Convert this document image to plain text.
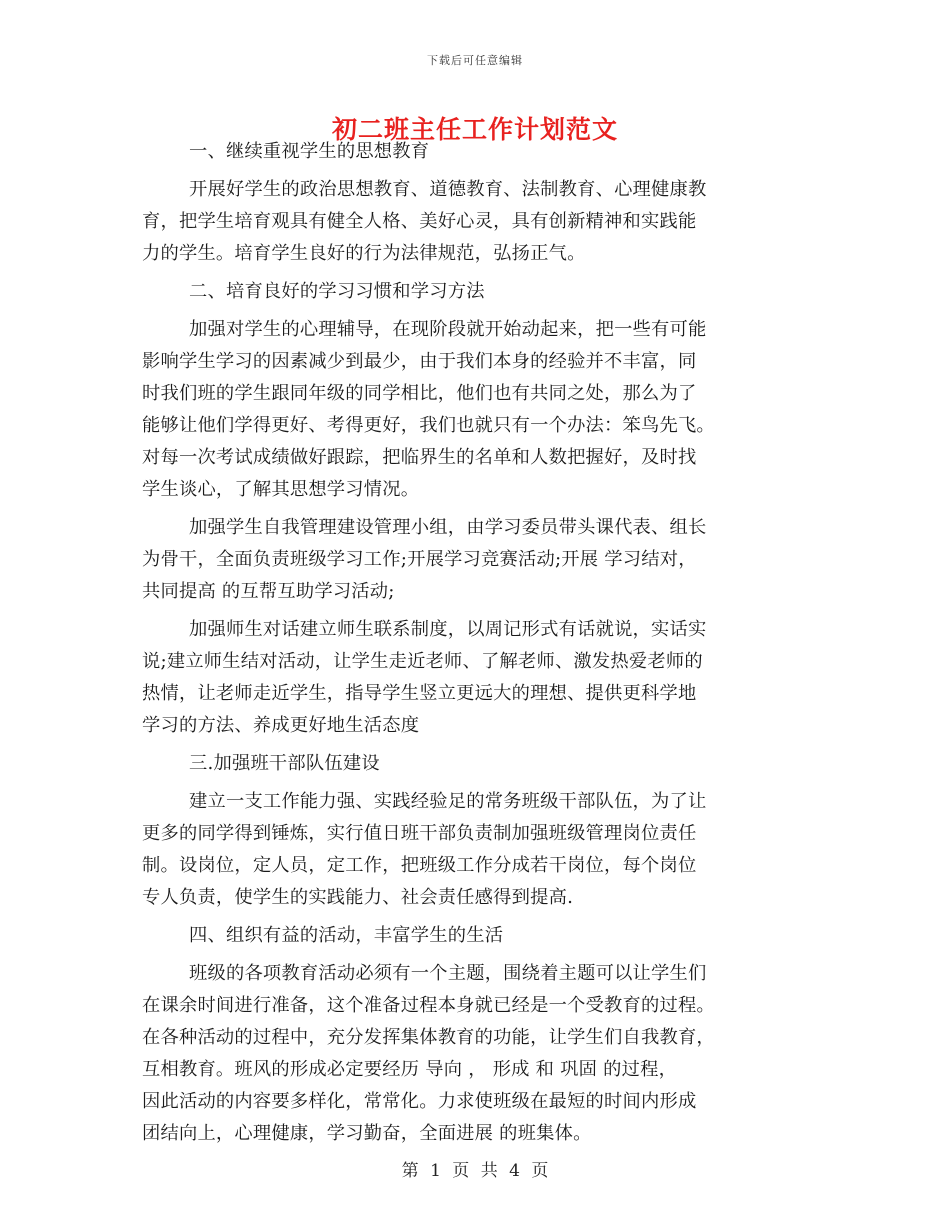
下载后可任意编辑
初二班主任工作计划范文
一、继续重视学生的思想教育
开展好学生的政治思想教育、道德教育、法制教育、心理健康教
育，把学生培育观具有健全人格、美好心灵，具有创新精神和实践能
力的学生。培育学生良好的行为法律规范，弘扬正气。
二、培育良好的学习习惯和学习方法
加强对学生的心理辅导，在现阶段就开始动起来，把一些有可能
影响学生学习的因素减少到最少，由于我们本身的经验并不丰富，同
时我们班的学生跟同年级的同学相比，他们也有共同之处，那么为了
能够让他们学得更好、考得更好，我们也就只有一个办法：笨鸟先飞。
对每一次考试成绩做好跟踪，把临界生的名单和人数把握好，及时找
学生谈心，了解其思想学习情况。
加强学生自我管理建设管理小组，由学习委员带头课代表、组长
为骨干，全面负责班级学习工作;开展学习竞赛活动;开展 学习结对，
共同提高 的互帮互助学习活动;
加强师生对话建立师生联系制度，以周记形式有话就说，实话实
说;建立师生结对活动，让学生走近老师、了解老师、激发热爱老师的
热情，让老师走近学生，指导学生竖立更远大的理想、提供更科学地
学习的方法、养成更好地生活态度
三.加强班干部队伍建设
建立一支工作能力强、实践经验足的常务班级干部队伍，为了让
更多的同学得到锤炼，实行值日班干部负责制加强班级管理岗位责任
制。设岗位，定人员，定工作，把班级工作分成若干岗位，每个岗位
专人负责，使学生的实践能力、社会责任感得到提高.
四、组织有益的活动，丰富学生的生活
班级的各项教育活动必须有一个主题，围绕着主题可以让学生们
在课余时间进行准备，这个准备过程本身就已经是一个受教育的过程。
在各种活动的过程中，充分发挥集体教育的功能，让学生们自我教育，
互相教育。班风的形成必定要经历 导向 ， 形成 和 巩固 的过程，
因此活动的内容要多样化，常常化。力求使班级在最短的时间内形成
团结向上，心理健康，学习勤奋，全面进展 的班集体。
第 1 页 共 4 页
